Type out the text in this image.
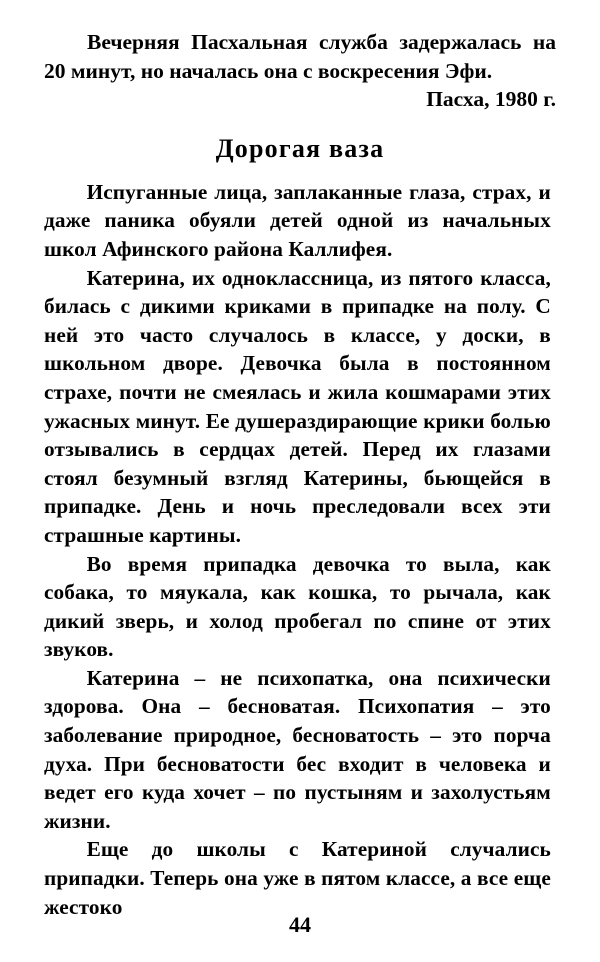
Вечерняя Пасхальная служба задержалась на 20 минут, но началась она с воскресения Эфи.

Пасха, 1980 г.

Дорогая ваза

Испуганные лица, заплаканные глаза, страх, и даже паника обуяли детей одной из начальных школ Афинского района Каллифея.

Катерина, их одноклассница, из пятого класса, билась с дикими криками в припадке на полу. С ней это часто случалось в классе, у доски, в школьном дворе. Девочка была в постоянном страхе, почти не смеялась и жила кошмарами этих ужасных минут. Ее душераздирающие крики болью отзывались в сердцах детей. Перед их глазами стоял безумный взгляд Катерины, бьющейся в припадке. День и ночь преследовали всех эти страшные картины.

Во время припадка девочка то выла, как собака, то мяукала, как кошка, то рычала, как дикий зверь, и холод пробегал по спине от этих звуков.

Катерина – не психопатка, она психически здорова. Она – бесноватая. Психопатия – это заболевание природное, бесноватость – это порча духа. При бесноватости бес входит в человека и ведет его куда хочет – по пустыням и захолустьям жизни.

Еще до школы с Катериной случались припадки. Теперь она уже в пятом классе, а все еще жестоко

44
